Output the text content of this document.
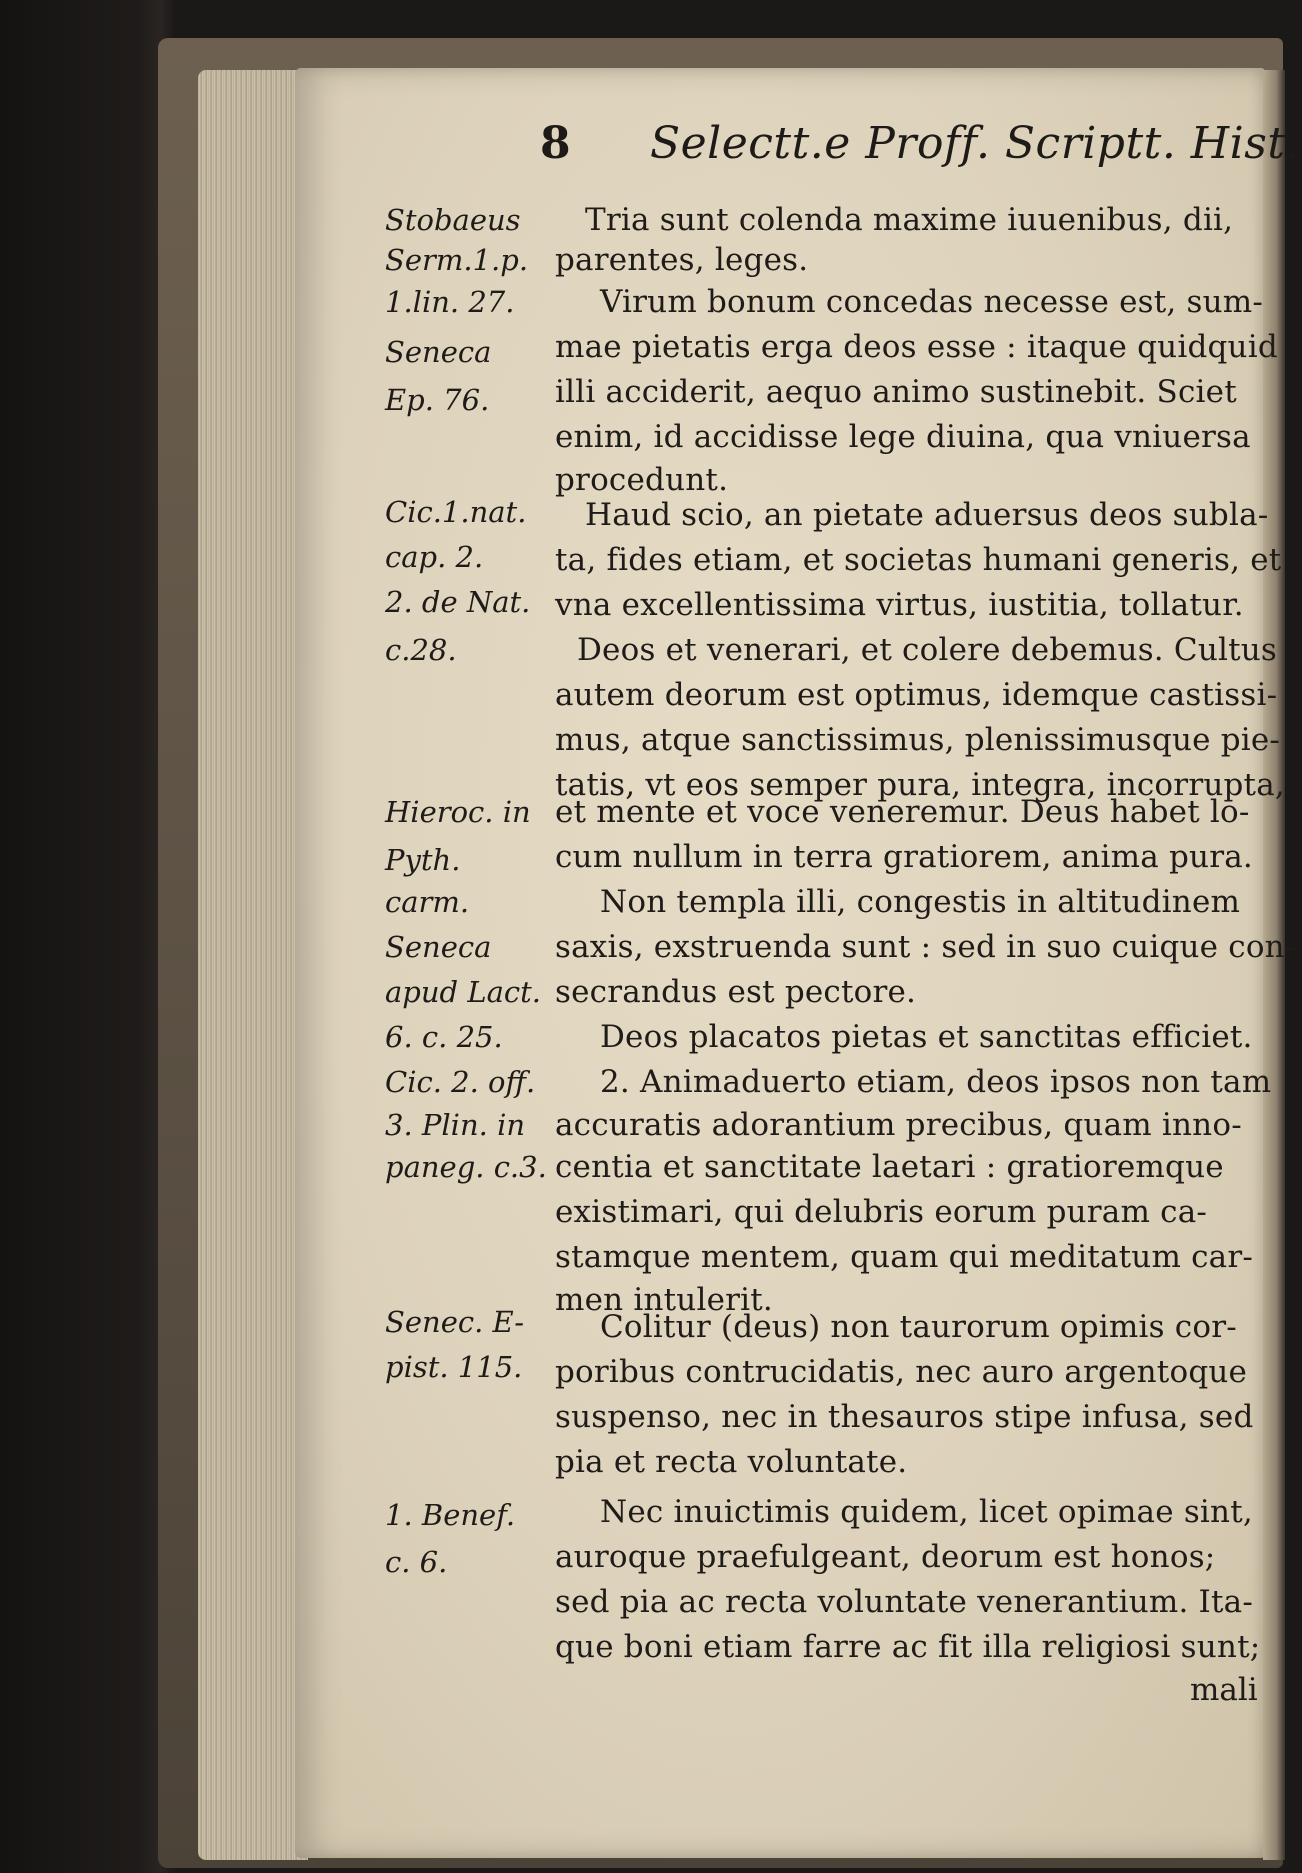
8 Selectt.e Proff. Scriptt. Hist.
Stobaeus
Serm.1.p.
1.lin. 27.
Seneca
Ep. 76.
Cic.1.nat.
cap. 2.
2. de Nat.
c.28.
Hieroc. in
Pyth.
carm.
Seneca
apud Lact.
6. c. 25.
Cic. 2. off.
3. Plin. in
paneg. c.3.
Senec. E-
pist. 115.
1. Benef.
c. 6.
Tria sunt colenda maxime iuuenibus, dii,
parentes, leges.
Virum bonum concedas necesse est, sum-
mae pietatis erga deos esse : itaque quidquid
illi acciderit, aequo animo sustinebit. Sciet
enim, id accidisse lege diuina, qua vniuersa
procedunt.
Haud scio, an pietate aduersus deos subla-
ta, fides etiam, et societas humani generis, et
vna excellentissima virtus, iustitia, tollatur.
Deos et venerari, et colere debemus. Cultus
autem deorum est optimus, idemque castissi-
mus, atque sanctissimus, plenissimusque pie-
tatis, vt eos semper pura, integra, incorrupta,
et mente et voce veneremur. Deus habet lo-
cum nullum in terra gratiorem, anima pura.
Non templa illi, congestis in altitudinem
saxis, exstruenda sunt : sed in suo cuique con-
secrandus est pectore.
Deos placatos pietas et sanctitas efficiet.
2. Animaduerto etiam, deos ipsos non tam
accuratis adorantium precibus, quam inno-
centia et sanctitate laetari : gratioremque
existimari, qui delubris eorum puram ca-
stamque mentem, quam qui meditatum car-
men intulerit.
Colitur (deus) non taurorum opimis cor-
poribus contrucidatis, nec auro argentoque
suspenso, nec in thesauros stipe infusa, sed
pia et recta voluntate.
Nec inuictimis quidem, licet opimae sint,
auroque praefulgeant, deorum est honos;
sed pia ac recta voluntate venerantium. Ita-
que boni etiam farre ac fit illa religiosi sunt;
mali
